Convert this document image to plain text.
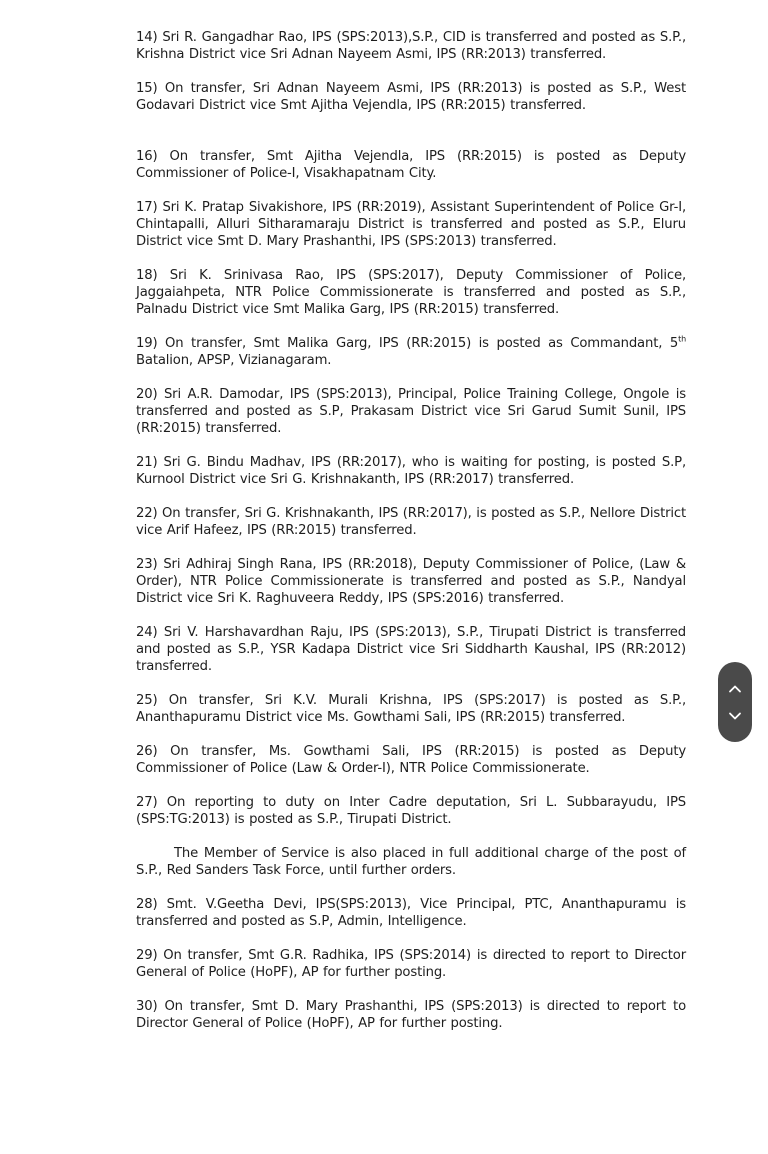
14) Sri R. Gangadhar Rao, IPS (SPS:2013),S.P., CID is transferred and posted as S.P., Krishna District vice Sri Adnan Nayeem Asmi, IPS (RR:2013) transferred.

15) On transfer, Sri Adnan Nayeem Asmi, IPS (RR:2013) is posted as S.P., West Godavari District vice Smt Ajitha Vejendla, IPS (RR:2015) transferred.

16) On transfer, Smt Ajitha Vejendla, IPS (RR:2015) is posted as Deputy Commissioner of Police-I, Visakhapatnam City.

17) Sri K. Pratap Sivakishore, IPS (RR:2019), Assistant Superintendent of Police Gr-I, Chintapalli, Alluri Sitharamaraju District is transferred and posted as S.P., Eluru District vice Smt D. Mary Prashanthi, IPS (SPS:2013) transferred.

18) Sri K. Srinivasa Rao, IPS (SPS:2017), Deputy Commissioner of Police, Jaggaiahpeta, NTR Police Commissionerate is transferred and posted as S.P., Palnadu District vice Smt Malika Garg, IPS (RR:2015) transferred.

19) On transfer, Smt Malika Garg, IPS (RR:2015) is posted as Commandant, 5th Batalion, APSP, Vizianagaram.

20) Sri A.R. Damodar, IPS (SPS:2013), Principal, Police Training College, Ongole is transferred and posted as S.P, Prakasam District vice Sri Garud Sumit Sunil, IPS (RR:2015) transferred.

21) Sri G. Bindu Madhav, IPS (RR:2017), who is waiting for posting, is posted S.P, Kurnool District vice Sri G. Krishnakanth, IPS (RR:2017) transferred.

22) On transfer, Sri G. Krishnakanth, IPS (RR:2017), is posted as S.P., Nellore District vice Arif Hafeez, IPS (RR:2015) transferred.

23) Sri Adhiraj Singh Rana, IPS (RR:2018), Deputy Commissioner of Police, (Law & Order), NTR Police Commissionerate is transferred and posted as S.P., Nandyal District vice Sri K. Raghuveera Reddy, IPS (SPS:2016) transferred.

24) Sri V. Harshavardhan Raju, IPS (SPS:2013), S.P., Tirupati District is transferred and posted as S.P., YSR Kadapa District vice Sri Siddharth Kaushal, IPS (RR:2012) transferred.

25) On transfer, Sri K.V. Murali Krishna, IPS (SPS:2017) is posted as S.P., Ananthapuramu District vice Ms. Gowthami Sali, IPS (RR:2015) transferred.

26) On transfer, Ms. Gowthami Sali, IPS (RR:2015) is posted as Deputy Commissioner of Police (Law & Order-I), NTR Police Commissionerate.

27) On reporting to duty on Inter Cadre deputation, Sri L. Subbarayudu, IPS (SPS:TG:2013) is posted as S.P., Tirupati District.

The Member of Service is also placed in full additional charge of the post of S.P., Red Sanders Task Force, until further orders.

28) Smt. V.Geetha Devi, IPS(SPS:2013), Vice Principal, PTC, Ananthapuramu is transferred and posted as S.P, Admin, Intelligence.

29) On transfer, Smt G.R. Radhika, IPS (SPS:2014) is directed to report to Director General of Police (HoPF), AP for further posting.

30) On transfer, Smt D. Mary Prashanthi, IPS (SPS:2013) is directed to report to Director General of Police (HoPF), AP for further posting.
